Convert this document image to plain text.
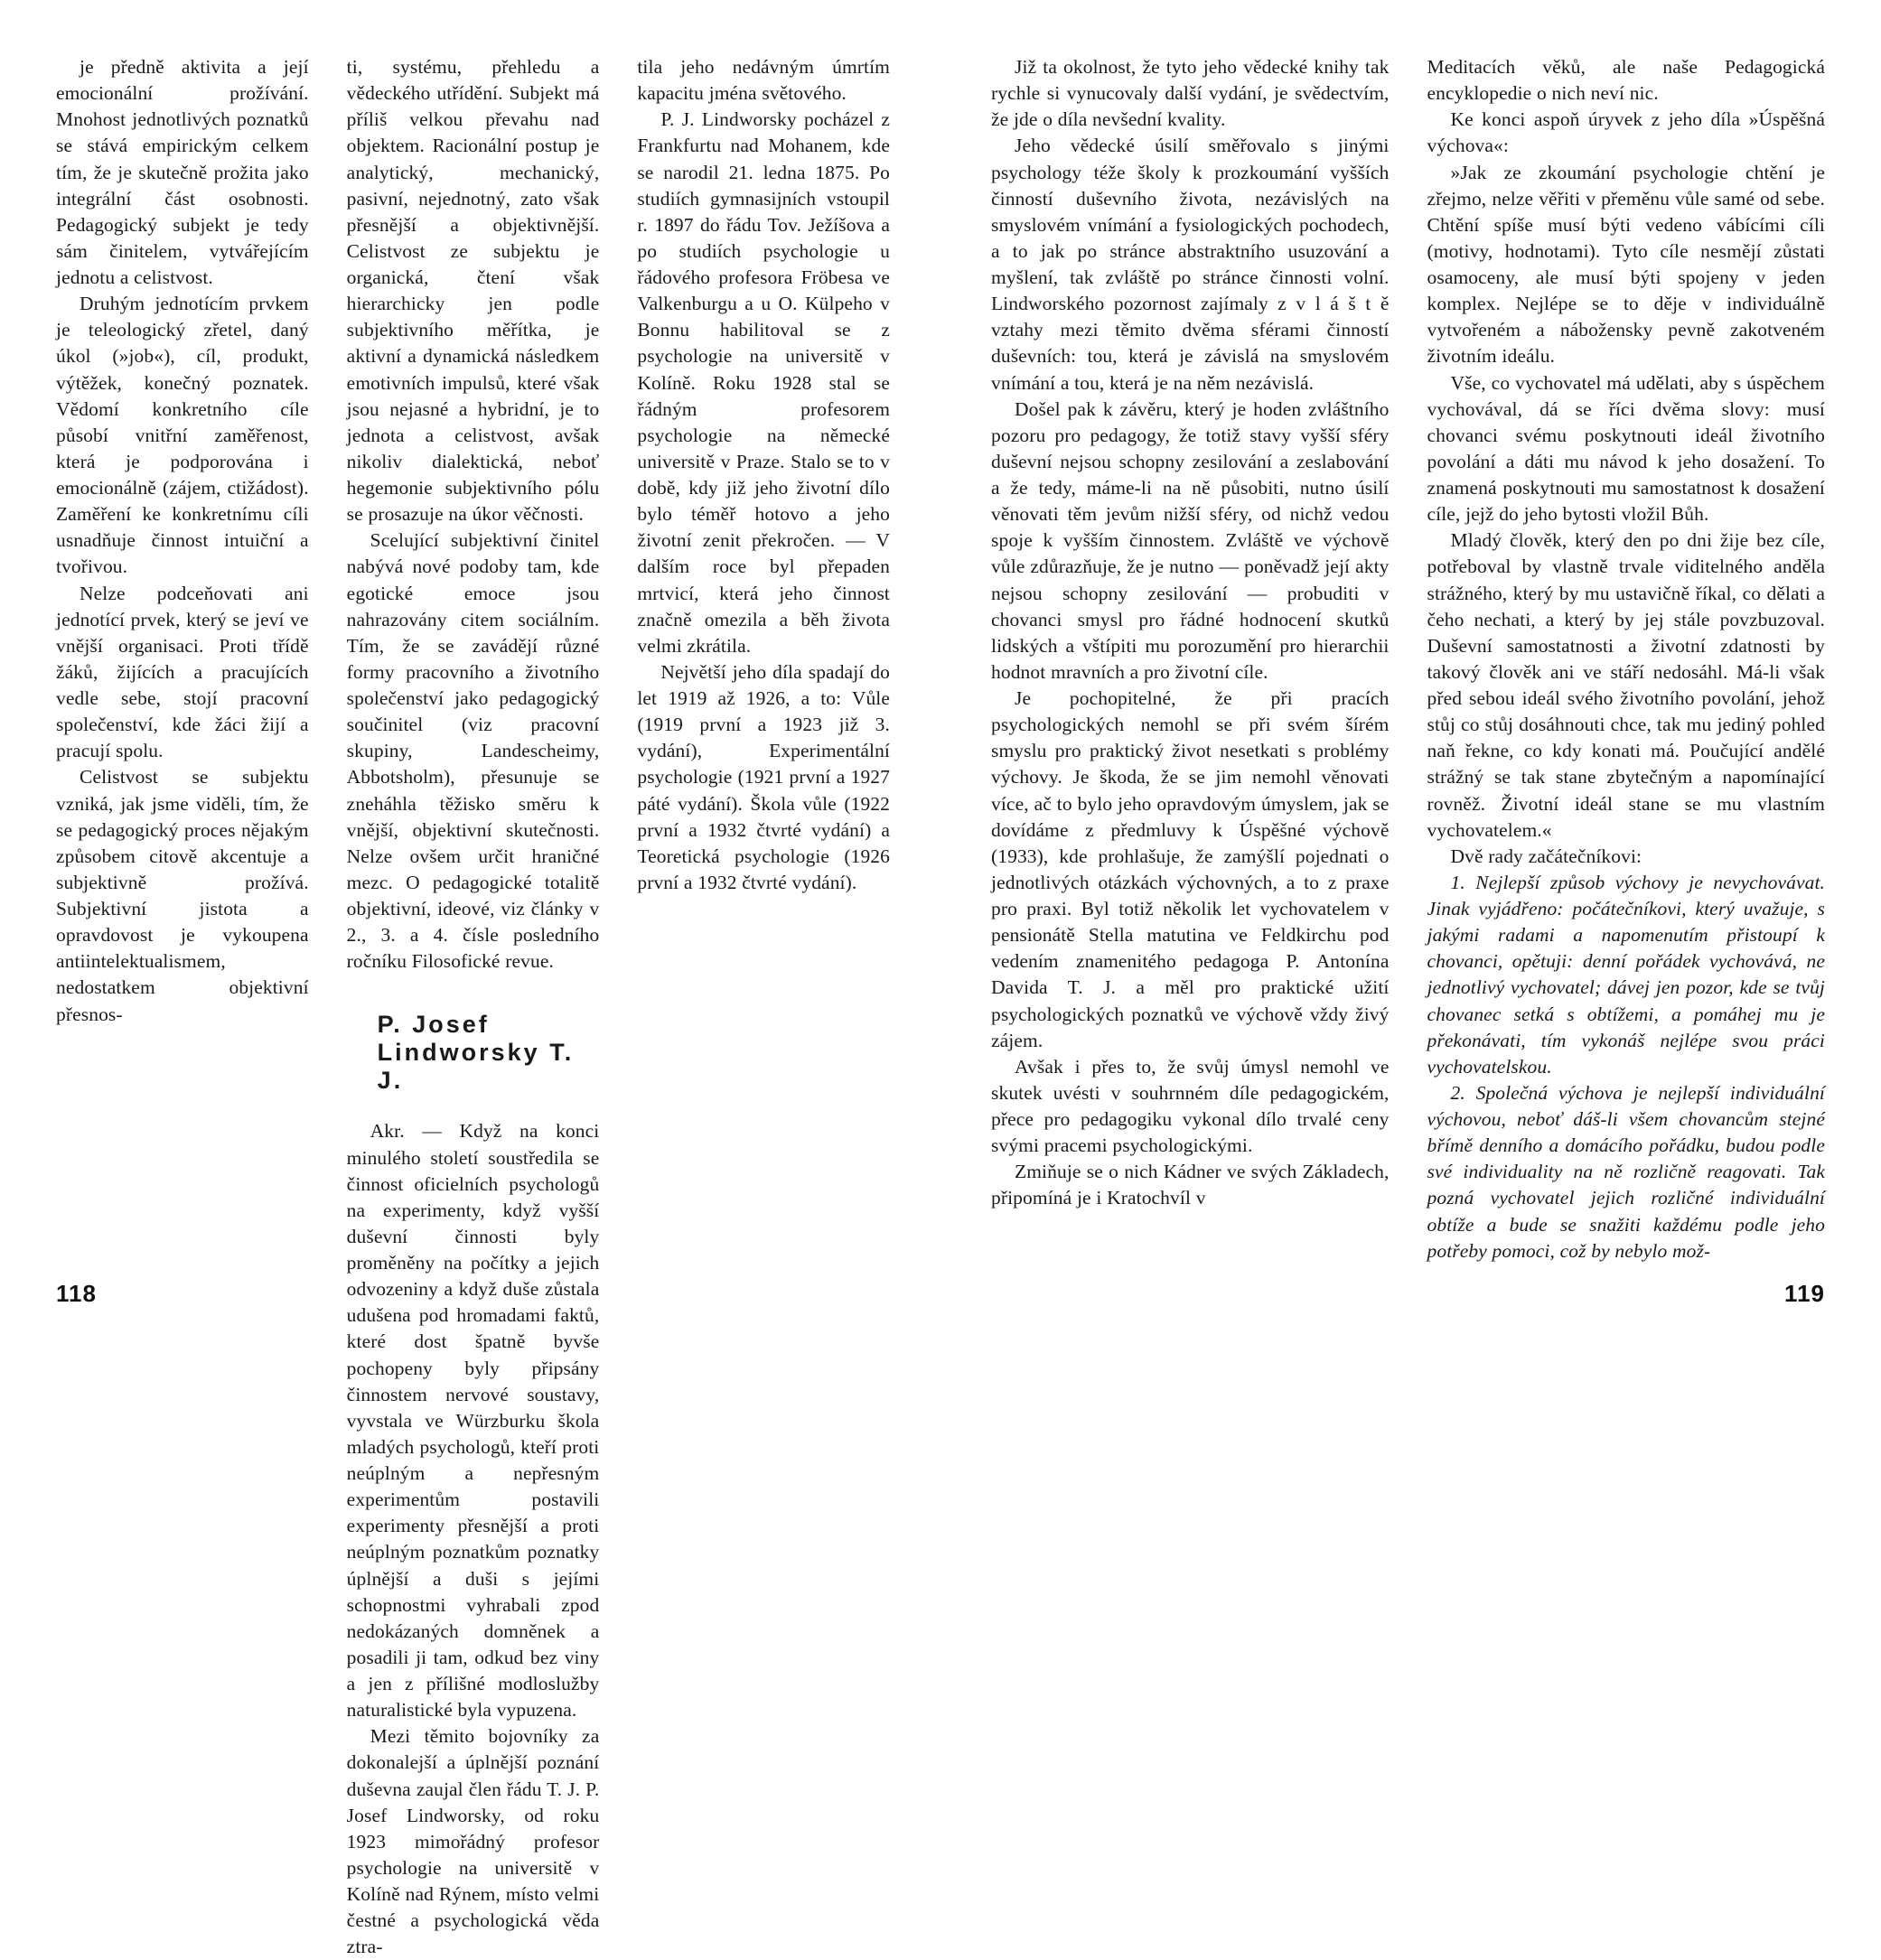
je předně aktivita a její emocionální prožívání. Mnohost jednotlivých poznatků se stává empirickým celkem tím, že je skutečně prožita jako integrální část osobnosti. Pedagogický subjekt je tedy sám činitelem, vytvářejícím jednotu a celistvost.

Druhým jednotícím prvkem je teleologický zřetel, daný úkol (»job«), cíl, produkt, výtěžek, konečný poznatek. Vědomí konkretního cíle působí vnitřní zaměřenost, která je podporována i emocionálně (zájem, ctižádost). Zaměření ke konkretnímu cíli usnadňuje činnost intuiční a tvořivou.

Nelze podceňovati ani jednotící prvek, který se jeví ve vnější organisaci. Proti třídě žáků, žijících a pracujících vedle sebe, stojí pracovní společenství, kde žáci žijí a pracují spolu.

Celistvost se subjektu vzniká, jak jsme viděli, tím, že se pedagogický proces nějakým způsobem citově akcentuje a subjektivně prožívá. Subjektivní jistota a opravdovost je vykoupena antiintelektualismem, nedostatkem objektivní přesnos-

ti, systému, přehledu a vědeckého utřídění. Subjekt má příliš velkou převahu nad objektem. Racionální postup je analytický, mechanický, pasivní, nejednotný, zato však přesnější a objektivnější. Celistvost ze subjektu je organická, čtení však hierarchicky jen podle subjektivního měřítka, je aktivní a dynamická následkem emotivních impulsů, které však jsou nejasné a hybridní, je to jednota a celistvost, avšak nikoliv dialektická, neboť hegemonie subjektivního pólu se prosazuje na úkor věčnosti.

Scelující subjektivní činitel nabývá nové podoby tam, kde egotické emoce jsou nahrazovány citem sociálním. Tím, že se zavádějí různé formy pracovního a životního společenství jako pedagogický součinitel (viz pracovní skupiny, Landescheimy, Abbotsholm), přesunuje se zneháhla těžisko směru k vnější, objektivní skutečnosti. Nelze ovšem určit hraničné mezc. O pedagogické totalitě objektivní, ideové, viz články v 2., 3. a 4. čísle posledního ročníku Filosofické revue.

P. Josef Lindworsky T. J.

Akr. — Když na konci minulého století soustředila se činnost oficielních psychologů na experimenty, když vyšší duševní činnosti byly proměněny na počítky a jejich odvozeniny a když duše zůstala udušena pod hromadami faktů, které dost špatně byvše pochopeny byly připsány činnostem nervové soustavy, vyvstala ve Würzburku škola mladých psychologů, kteří proti neúplným a nepřesným experimentům postavili experimenty přesnější a proti neúplným poznatkům poznatky úplnější a duši s jejími schopnostmi vyhrabali zpod nedokázaných domněnek a posadili ji tam, odkud bez viny a jen z přílišné modloslužby naturalistické byla vypuzena.

Mezi těmito bojovníky za dokonalejší a úplnější poznání duševna zaujal člen řádu T. J. P. Josef Lindworsky, od roku 1923 mimořádný profesor psychologie na universitě v Kolíně nad Rýnem, místo velmi čestné a psychologická věda ztra-

tila jeho nedávným úmrtím kapacitu jména světového.

P. J. Lindworsky pocházel z Frankfurtu nad Mohanem, kde se narodil 21. ledna 1875. Po studiích gymnasijních vstoupil r. 1897 do řádu Tov. Ježíšova a po studiích psychologie u řádového profesora Fröbesa ve Valkenburgu a u O. Külpeho v Bonnu habilitoval se z psychologie na universitě v Kolíně. Roku 1928 stal se řádným profesorem psychologie na německé universitě v Praze. Stalo se to v době, kdy již jeho životní dílo bylo téměř hotovo a jeho životní zenit překročen. — V dalším roce byl přepaden mrtvicí, která jeho činnost značně omezila a běh života velmi zkrátila.

Největší jeho díla spadají do let 1919 až 1926, a to: Vůle (1919 první a 1923 již 3. vydání), Experimentální psychologie (1921 první a 1927 páté vydání). Škola vůle (1922 první a 1932 čtvrté vydání) a Teoretická psychologie (1926 první a 1932 čtvrté vydání).

118

Již ta okolnost, že tyto jeho vědecké knihy tak rychle si vynucovaly další vydání, je svědectvím, že jde o díla nevšední kvality.

Jeho vědecké úsilí směřovalo s jinými psychology téže školy k prozkoumání vyšších činností duševního života, nezávislých na smyslovém vnímání a fysiologických pochodech, a to jak po stránce abstraktního usuzování a myšlení, tak zvláště po stránce činnosti volní. Lindworského pozornost zajímaly z v l á š t ě vztahy mezi těmito dvěma sférami činností duševních: tou, která je závislá na smyslovém vnímání a tou, která je na něm nezávislá.

Došel pak k závěru, který je hoden zvláštního pozoru pro pedagogy, že totiž stavy vyšší sféry duševní nejsou schopny zesilování a zeslabování a že tedy, máme-li na ně působiti, nutno úsilí věnovati těm jevům nižší sféry, od nichž vedou spoje k vyšším činnostem. Zvláště ve výchově vůle zdůrazňuje, že je nutno — poněvadž její akty nejsou schopny zesilování — probuditi v chovanci smysl pro řádné hodnocení skutků lidských a vštípiti mu porozumění pro hierarchii hodnot mravních a pro životní cíle.

Je pochopitelné, že při pracích psychologických nemohl se při svém šírém smyslu pro praktický život nesetkati s problémy výchovy. Je škoda, že se jim nemohl věnovati více, ač to bylo jeho opravdovým úmyslem, jak se dovídáme z předmluvy k Úspěšné výchově (1933), kde prohlašuje, že zamýšlí pojednati o jednotlivých otázkách výchovných, a to z praxe pro praxi. Byl totiž několik let vychovatelem v pensionátě Stella matutina ve Feldkirchu pod vedením znamenitého pedagoga P. Antonína Davida T. J. a měl pro praktické užití psychologických poznatků ve výchově vždy živý zájem.

Avšak i přes to, že svůj úmysl nemohl ve skutek uvésti v souhrnném díle pedagogickém, přece pro pedagogiku vykonal dílo trvalé ceny svými pracemi psychologickými.

Zmiňuje se o nich Kádner ve svých Základech, připomíná je i Kratochvíl v

Meditacích věků, ale naše Pedagogická encyklopedie o nich neví nic.

Ke konci aspoň úryvek z jeho díla »Úspěšná výchova«:

»Jak ze zkoumání psychologie chtění je zřejmo, nelze věřiti v přeměnu vůle samé od sebe. Chtění spíše musí býti vedeno vábícími cíli (motivy, hodnotami). Tyto cíle nesmějí zůstati osamoceny, ale musí býti spojeny v jeden komplex. Nejlépe se to děje v individuálně vytvořeném a nábožensky pevně zakotveném životním ideálu.

Vše, co vychovatel má udělati, aby s úspěchem vychovával, dá se říci dvěma slovy: musí chovanci svému poskytnouti ideál životního povolání a dáti mu návod k jeho dosažení. To znamená poskytnouti mu samostatnost k dosažení cíle, jejž do jeho bytosti vložil Bůh.

Mladý člověk, který den po dni žije bez cíle, potřeboval by vlastně trvale viditelného anděla strážného, který by mu ustavičně říkal, co dělati a čeho nechati, a který by jej stále povzbuzoval. Duševní samostatnosti a životní zdatnosti by takový člověk ani ve stáří nedosáhl. Má-li však před sebou ideál svého životního povolání, jehož stůj co stůj dosáhnouti chce, tak mu jediný pohled naň řekne, co kdy konati má. Poučující andělé strážný se tak stane zbytečným a napomínající rovněž. Životní ideál stane se mu vlastním vychovatelem.«

Dvě rady začátečníkovi:

1. Nejlepší způsob výchovy je nevychovávat. Jinak vyjádřeno: počátečníkovi, který uvažuje, s jakými radami a napomenutím přistoupí k chovanci, opětuji: denní pořádek vychovává, ne jednotlivý vychovatel; dávej jen pozor, kde se tvůj chovanec setká s obtížemi, a pomáhej mu je překonávati, tím vykonáš nejlépe svou práci vychovatelskou.

2. Společná výchova je nejlepší individuální výchovou, neboť dáš-li všem chovancům stejné břímě denního a domácího pořádku, budou podle své individuality na ně rozličně reagovati. Tak pozná vychovatel jejich rozličné individuální obtíže a bude se snažiti každému podle jeho potřeby pomoci, což by nebylo mož-

119
